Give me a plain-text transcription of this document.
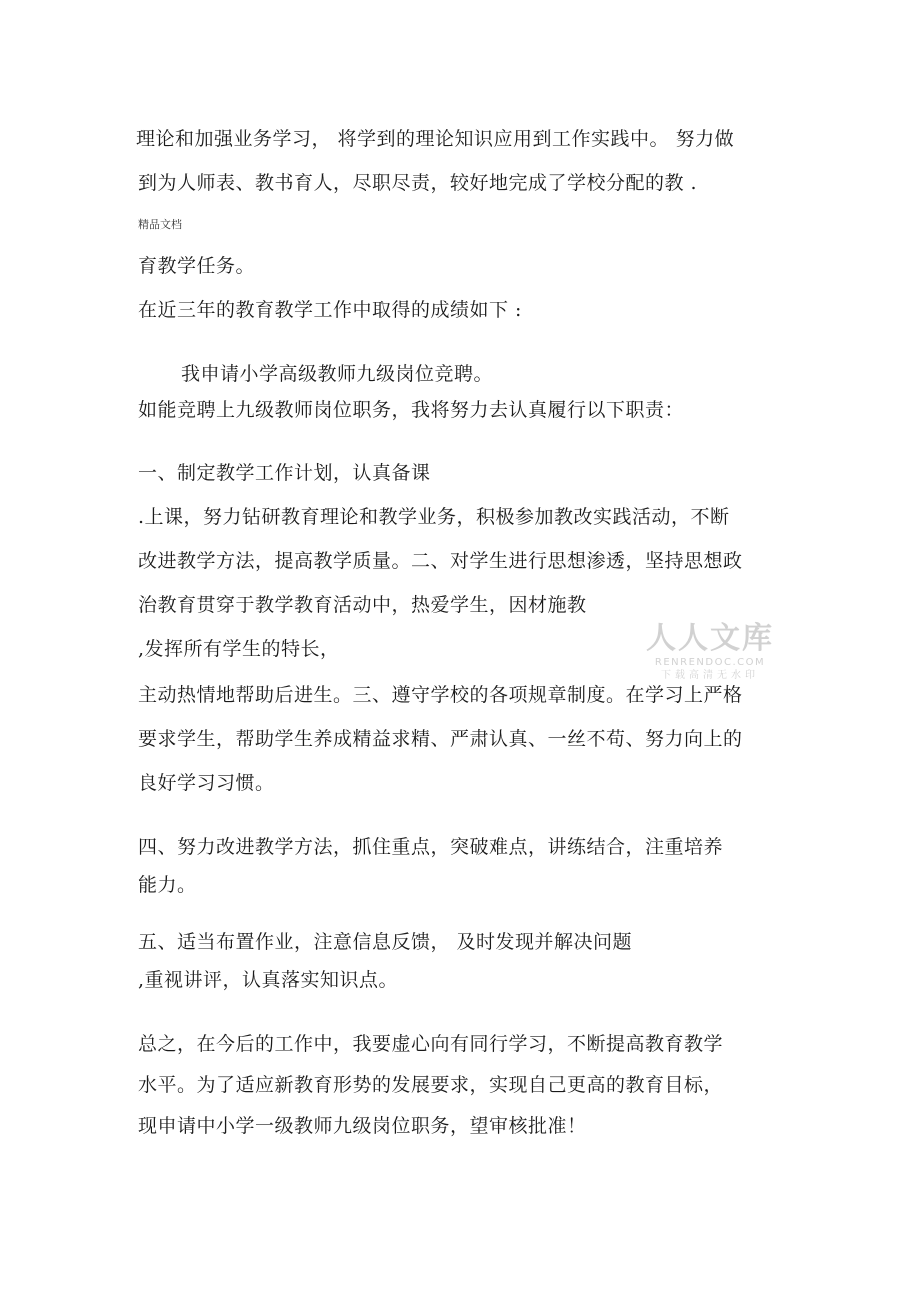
理论和加强业务学习， 将学到的理论知识应用到工作实践中。 努力做
到为人师表、教书育人，尽职尽责，较好地完成了学校分配的教 .
精品文档
育教学任务。
在近三年的教育教学工作中取得的成绩如下 :
我申请小学高级教师九级岗位竞聘。
如能竞聘上九级教师岗位职务，我将努力去认真履行以下职责：
一、制定教学工作计划，认真备课
.上课，努力钻研教育理论和教学业务，积极参加教改实践活动，不断
改进教学方法，提高教学质量。二、对学生进行思想渗透，坚持思想政
治教育贯穿于教学教育活动中，热爱学生，因材施教
,发挥所有学生的特长，
主动热情地帮助后进生。三、遵守学校的各项规章制度。在学习上严格
要求学生，帮助学生养成精益求精、严肃认真、一丝不苟、努力向上的
良好学习习惯。
四、努力改进教学方法，抓住重点，突破难点，讲练结合，注重培养
能力。
五、适当布置作业，注意信息反馈， 及时发现并解决问题
,重视讲评，认真落实知识点。
总之，在今后的工作中，我要虚心向有同行学习，不断提高教育教学
水平。为了适应新教育形势的发展要求，实现自己更高的教育目标，
现申请中小学一级教师九级岗位职务，望审核批准！
人人文库
RENRENDOC.COM
下载高清无水印
